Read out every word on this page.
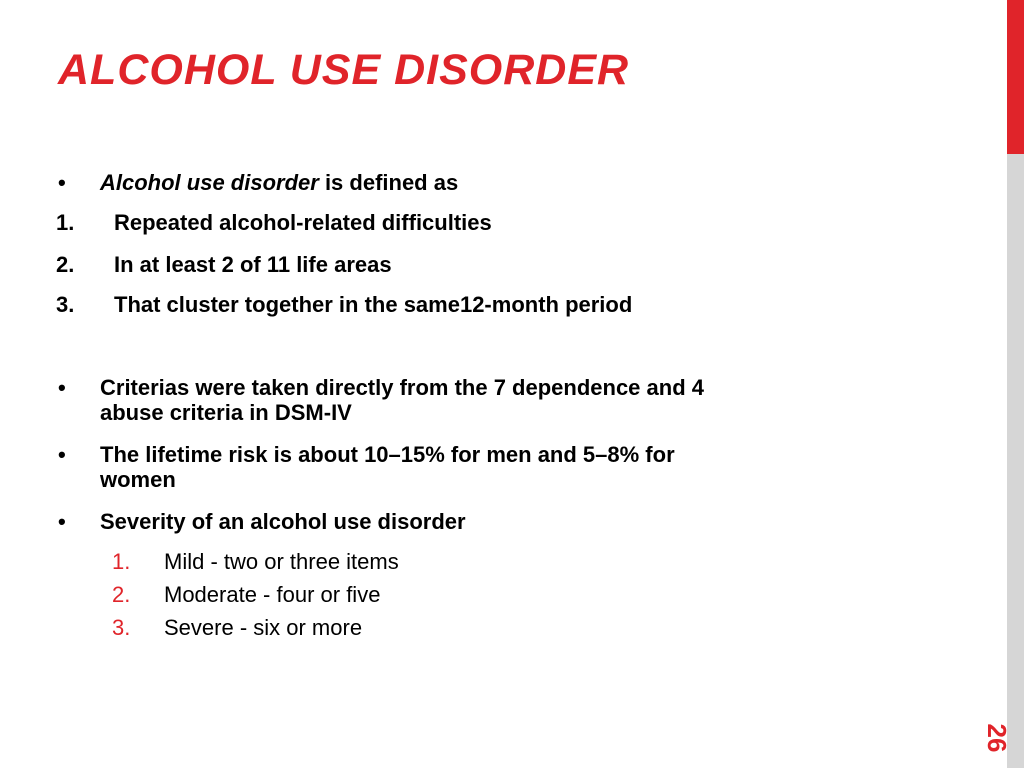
ALCOHOL USE DISORDER
26
• Alcohol use disorder is defined as
1. Repeated alcohol-related difficulties
2. In at least 2 of 11 life areas
3. That cluster together in the same12-month period
• Criterias were taken directly from the 7 dependence and 4
abuse criteria in DSM-IV
• The lifetime risk is about 10–15% for men and 5–8% for
women
• Severity of an alcohol use disorder
1. Mild - two or three items
2. Moderate - four or five
3. Severe - six or more
